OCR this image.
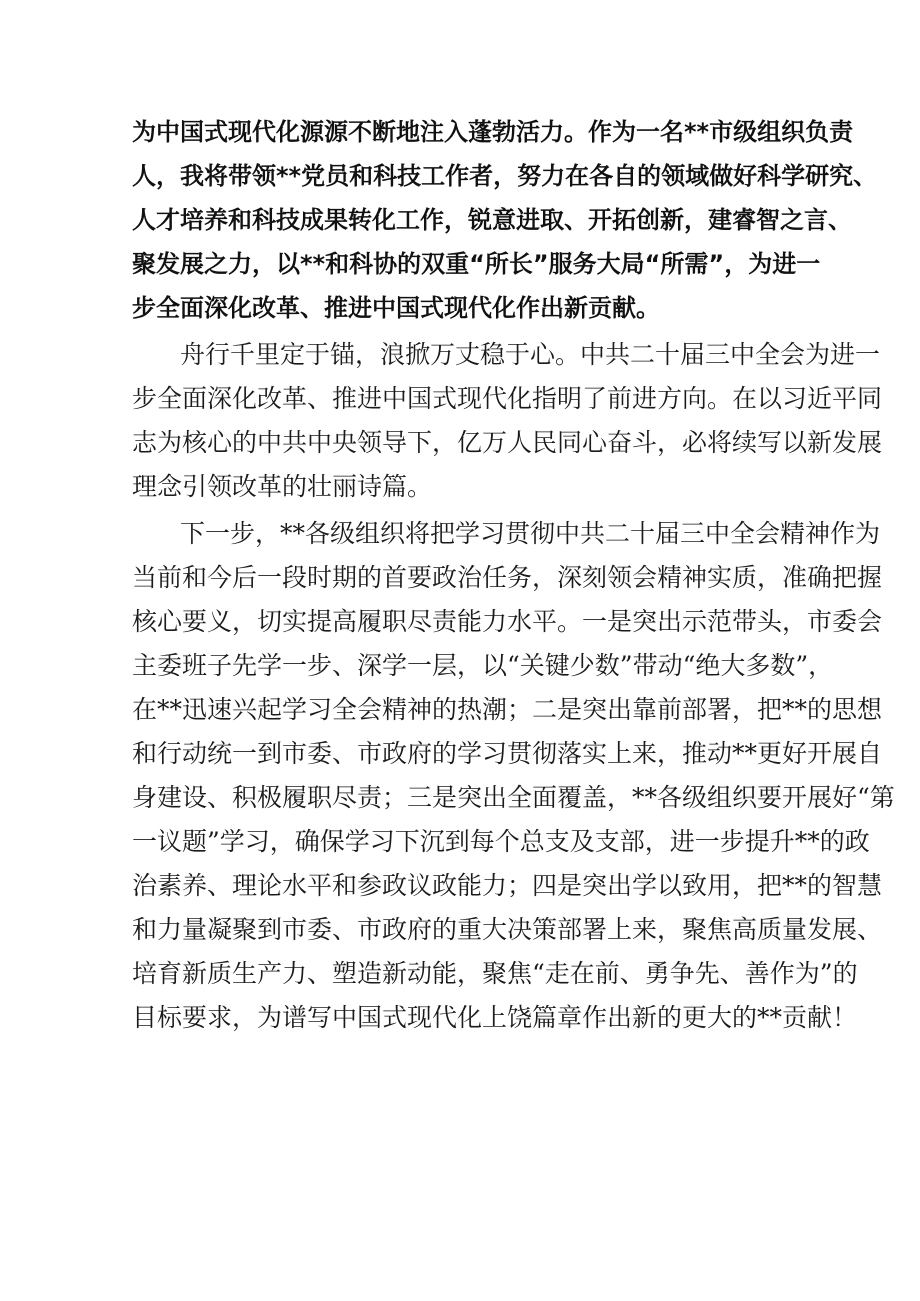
为中国式现代化源源不断地注入蓬勃活力。作为一名**市级组织负责
人，我将带领**党员和科技工作者，努力在各自的领域做好科学研究、
人才培养和科技成果转化工作，锐意进取、开拓创新，建睿智之言、
聚发展之力，以**和科协的双重“所长”服务大局“所需”，为进一
步全面深化改革、推进中国式现代化作出新贡献。
舟行千里定于锚，浪掀万丈稳于心。中共二十届三中全会为进一
步全面深化改革、推进中国式现代化指明了前进方向。在以习近平同
志为核心的中共中央领导下，亿万人民同心奋斗，必将续写以新发展
理念引领改革的壮丽诗篇。
下一步，**各级组织将把学习贯彻中共二十届三中全会精神作为
当前和今后一段时期的首要政治任务，深刻领会精神实质，准确把握
核心要义，切实提高履职尽责能力水平。一是突出示范带头，市委会
主委班子先学一步、深学一层，以“关键少数”带动“绝大多数”，
在**迅速兴起学习全会精神的热潮；二是突出靠前部署，把**的思想
和行动统一到市委、市政府的学习贯彻落实上来，推动**更好开展自
身建设、积极履职尽责；三是突出全面覆盖，**各级组织要开展好“第
一议题”学习，确保学习下沉到每个总支及支部，进一步提升**的政
治素养、理论水平和参政议政能力；四是突出学以致用，把**的智慧
和力量凝聚到市委、市政府的重大决策部署上来，聚焦高质量发展、
培育新质生产力、塑造新动能，聚焦“走在前、勇争先、善作为”的
目标要求，为谱写中国式现代化上饶篇章作出新的更大的**贡献！
